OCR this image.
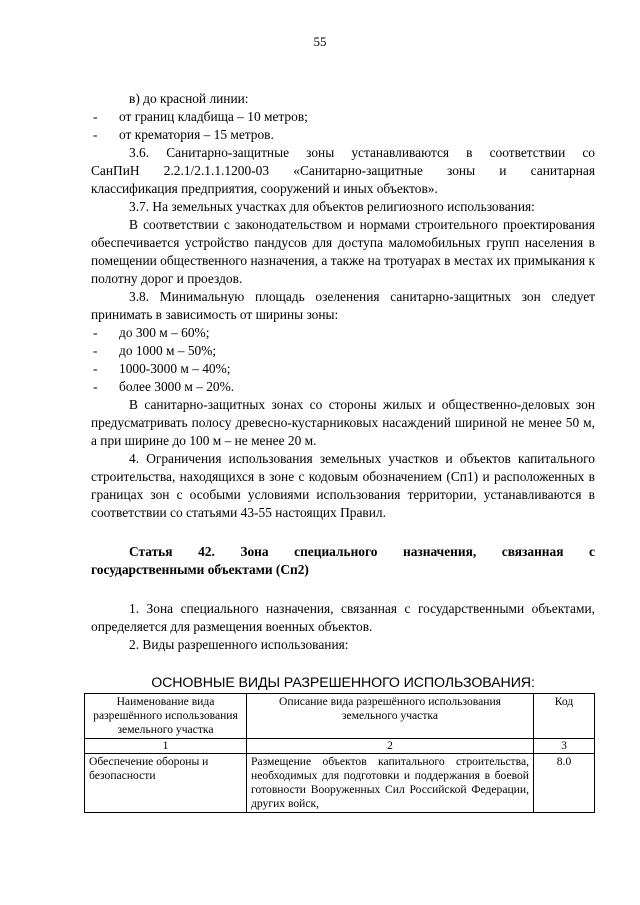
55

в) до красной линии:

-	от границ кладбища – 10 метров;
-	от крематория – 15 метров.

3.6. Санитарно-защитные зоны устанавливаются в соответствии со

СанПиН 2.2.1/2.1.1.1200-03 «Санитарно-защитные зоны и санитарная

классификация предприятия, сооружений и иных объектов».

3.7. На земельных участках для объектов религиозного использования:

В соответствии с законодательством и нормами строительного проектирования обеспечивается устройство пандусов для доступа маломобильных групп населения в помещении общественного назначения, а также на тротуарах в местах их примыкания к полотну дорог и проездов.

3.8. Минимальную площадь озеленения санитарно-защитных зон следует принимать в зависимость от ширины зоны:

-	до 300 м – 60%;
-	до 1000 м – 50%;
-	1000-3000 м – 40%;
-	более 3000 м – 20%.

В санитарно-защитных зонах со стороны жилых и общественно-деловых зон предусматривать полосу древесно-кустарниковых насаждений шириной не менее 50 м, а при ширине до 100 м – не менее 20 м.

4. Ограничения использования земельных участков и объектов капитального строительства, находящихся в зоне с кодовым обозначением (Сп1) и расположенных в границах зон с особыми условиями использования территории, устанавливаются в соответствии со статьями 43-55 настоящих Правил.

Статья 42. Зона специального назначения, связанная с

государственными объектами (Сп2)

1. Зона специального назначения, связанная с государственными объектами, определяется для размещения военных объектов.

2. Виды разрешенного использования:

ОСНОВНЫЕ ВИДЫ РАЗРЕШЕННОГО ИСПОЛЬЗОВАНИЯ:
Наименование вида разрешённого использования земельного участка	Описание вида разрешённого использования земельного участка	Код
1	2	3
Обеспечение обороны и безопасности	Размещение объектов капитального строительства, необходимых для подготовки и поддержания в боевой готовности Вооруженных Сил Российской Федерации, других войск,	8.0
